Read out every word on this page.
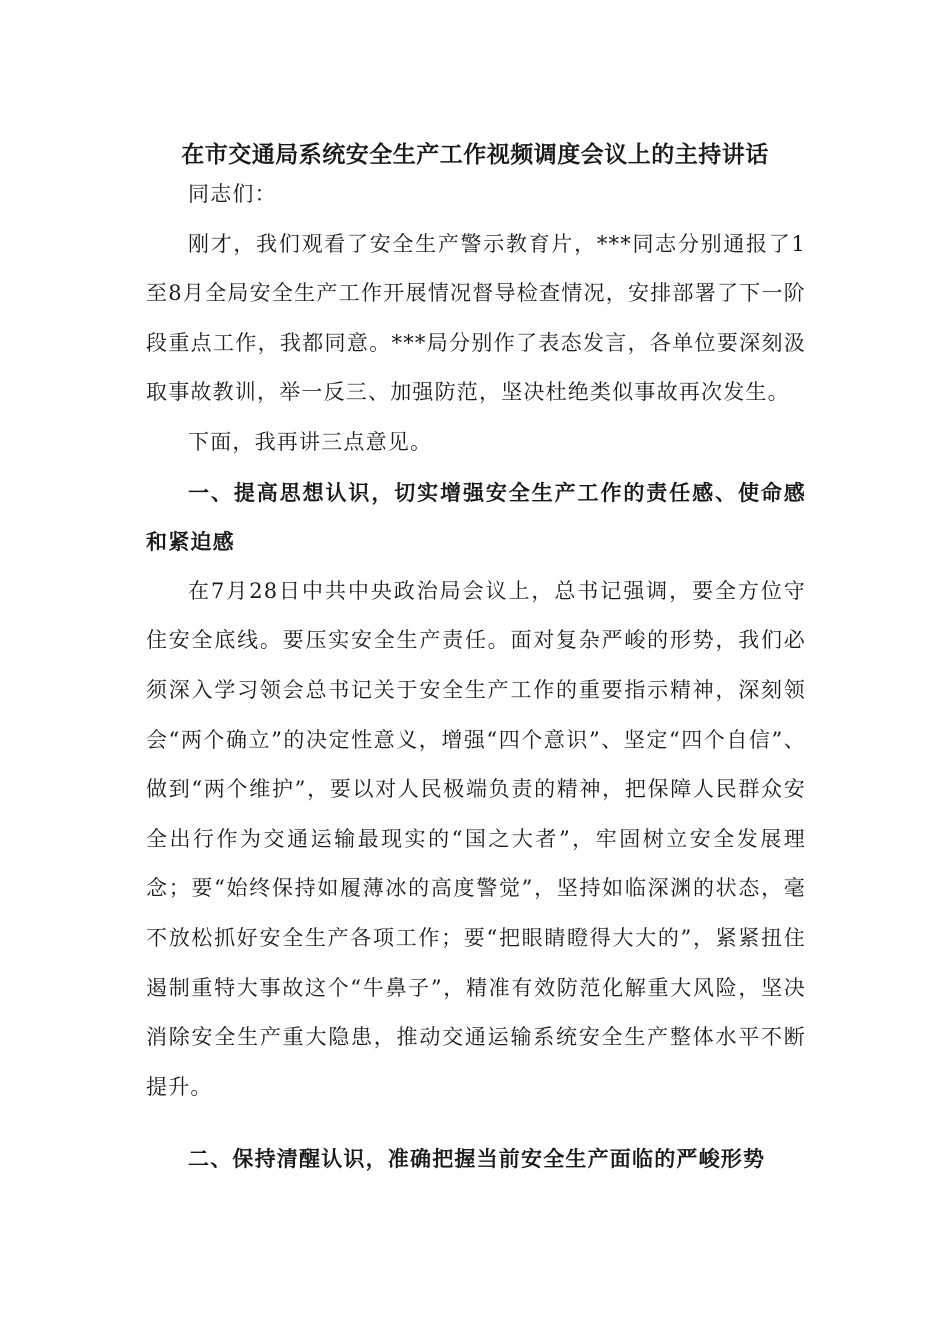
在市交通局系统安全生产工作视频调度会议上的主持讲话

同志们：

刚才，我们观看了安全生产警示教育片，***同志分别通报了1至8月全局安全生产工作开展情况督导检查情况，安排部署了下一阶段重点工作，我都同意。***局分别作了表态发言，各单位要深刻汲取事故教训，举一反三、加强防范，坚决杜绝类似事故再次发生。

下面，我再讲三点意见。

一、提高思想认识，切实增强安全生产工作的责任感、使命感和紧迫感

在7月28日中共中央政治局会议上，总书记强调，要全方位守住安全底线。要压实安全生产责任。面对复杂严峻的形势，我们必须深入学习领会总书记关于安全生产工作的重要指示精神，深刻领会“两个确立”的决定性意义，增强“四个意识”、坚定“四个自信”、做到“两个维护”，要以对人民极端负责的精神，把保障人民群众安全出行作为交通运输最现实的“国之大者”，牢固树立安全发展理念；要“始终保持如履薄冰的高度警觉”，坚持如临深渊的状态，毫不放松抓好安全生产各项工作；要“把眼睛瞪得大大的”，紧紧扭住遏制重特大事故这个“牛鼻子”，精准有效防范化解重大风险，坚决消除安全生产重大隐患，推动交通运输系统安全生产整体水平不断提升。

二、保持清醒认识，准确把握当前安全生产面临的严峻形势
